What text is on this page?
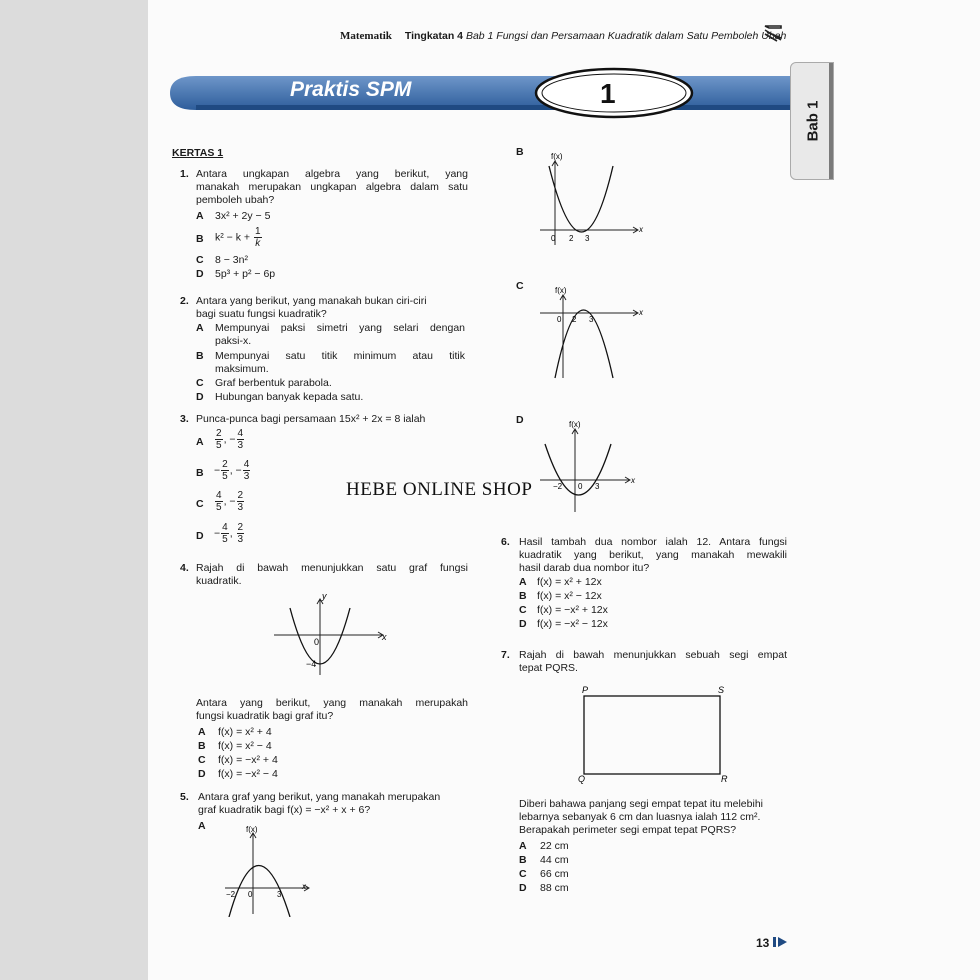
Matematik Tingkatan 4 Bab 1 Fungsi dan Persamaan Kuadratik dalam Satu Pemboleh Ubah
Praktis SPM	1
Bab 1
KERTAS 1
1. Antara ungkapan algebra yang berikut, yang
manakah merupakan ungkapan algebra dalam satu
pemboleh ubah?
A 3x² + 2y − 5
B $k^2 - k + \frac{1}{k}$
C 8 − 3n²
D 5p³ + p² − 6p
2. Antara yang berikut, yang manakah bukan ciri-ciri
bagi suatu fungsi kuadratik?
A Mempunyai paksi simetri yang selari dengan
paksi-x.
B Mempunyai satu titik minimum atau titik
maksimum.
C Graf berbentuk parabola.
D Hubungan banyak kepada satu.
3. Punca-punca bagi persamaan 15x² + 2x = 8 ialah
A $\frac{2}{5}$ , − $\frac{4}{3}$
$B - \frac{2}{5}$ , − $\frac{4}{3}$
C $\frac{4}{5}$ , − $\frac{2}{3}$
$D - \frac{4}{5}$ , $\frac{2}{3}$
4. Rajah di bawah menunjukkan satu graf fungsi
kuadratik.
y
x
0
−4
Antara yang berikut, yang manakah merupakah
fungsi kuadratik bagi graf itu?
A f(x) = x² + 4
B f(x) = x² − 4
C f(x) = −x² + 4
D f(x) = −x² − 4
5. Antara graf yang berikut, yang manakah merupakan
graf kuadratik bagi f(x) = −x² + x + 6?
A	f(x)
x
0
−2	3
B	f(x)
x
0 2 3
C	f(x)
x
0 2 3
D	f(x)
x
0
−2	3
HEBE ONLINE SHOP
6. Hasil tambah dua nombor ialah 12. Antara fungsi
kuadratik yang berikut, yang manakah mewakili
hasil darab dua nombor itu?
A f(x) = x² + 12x
B f(x) = x² − 12x
C f(x) = −x² + 12x
D f(x) = −x² − 12x
7. Rajah di bawah menunjukkan sebuah segi empat
tepat PQRS.
P	S
Q	R
Diberi bahawa panjang segi empat tepat itu melebihi
lebarnya sebanyak 6 cm dan luasnya ialah 112 cm².
Berapakah perimeter segi empat tepat PQRS?
A 22 cm
B 44 cm
C 66 cm
D 88 cm
13
